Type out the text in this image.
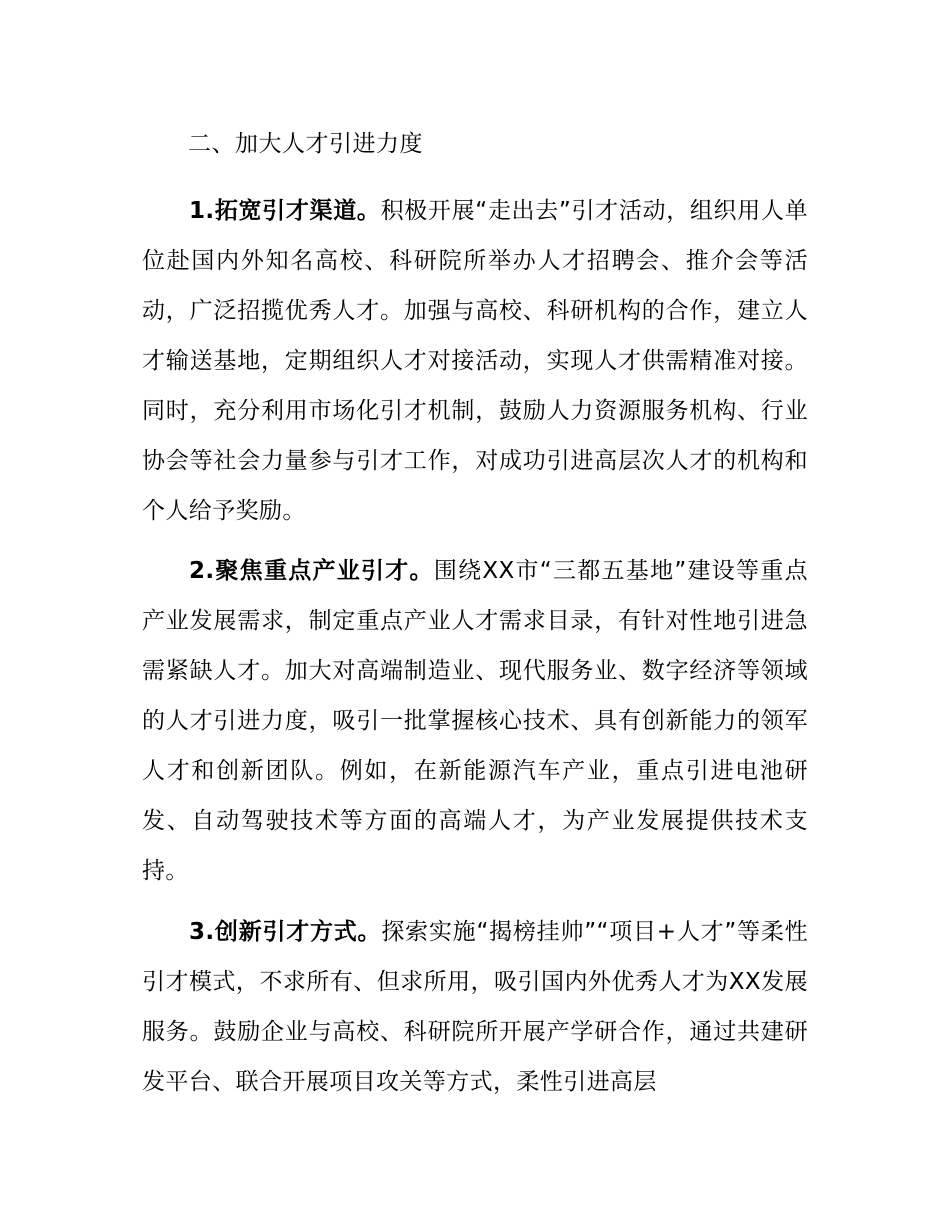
二、加大人才引进力度

1.拓宽引才渠道。积极开展“走出去”引才活动，组织用人单位赴国内外知名高校、科研院所举办人才招聘会、推介会等活动，广泛招揽优秀人才。加强与高校、科研机构的合作，建立人才输送基地，定期组织人才对接活动，实现人才供需精准对接。同时，充分利用市场化引才机制，鼓励人力资源服务机构、行业协会等社会力量参与引才工作，对成功引进高层次人才的机构和个人给予奖励。

2.聚焦重点产业引才。围绕XX市“三都五基地”建设等重点产业发展需求，制定重点产业人才需求目录，有针对性地引进急需紧缺人才。加大对高端制造业、现代服务业、数字经济等领域的人才引进力度，吸引一批掌握核心技术、具有创新能力的领军人才和创新团队。例如，在新能源汽车产业，重点引进电池研发、自动驾驶技术等方面的高端人才，为产业发展提供技术支持。

3.创新引才方式。探索实施“揭榜挂帅”“项目+人才”等柔性引才模式，不求所有、但求所用，吸引国内外优秀人才为XX发展服务。鼓励企业与高校、科研院所开展产学研合作，通过共建研发平台、联合开展项目攻关等方式，柔性引进高层
